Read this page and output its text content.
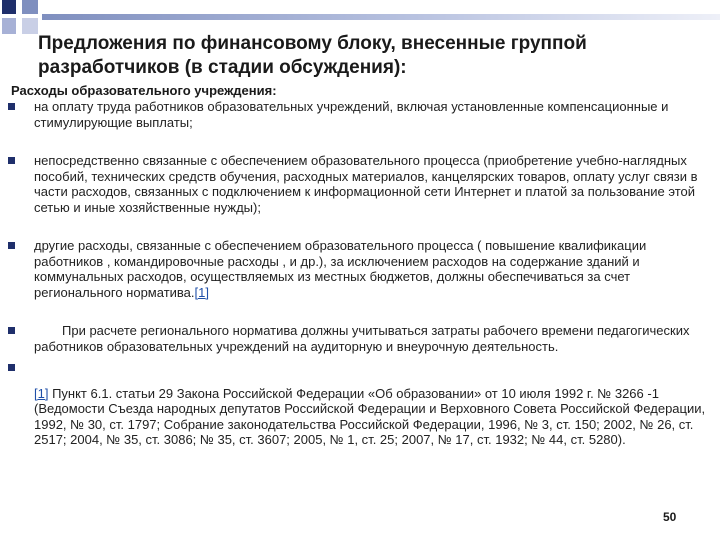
Предложения по финансовому блоку, внесенные группой разработчиков (в стадии обсуждения):
Расходы образовательного учреждения:
на оплату труда работников образовательных учреждений, включая установленные компенсационные и стимулирующие выплаты;
непосредственно связанные с обеспечением образовательного процесса (приобретение учебно-наглядных пособий, технических средств обучения, расходных материалов, канцелярских товаров, оплату услуг связи в части расходов, связанных с подключением к информационной сети Интернет и платой за пользование этой сетью и иные хозяйственные нужды);
другие расходы, связанные с обеспечением образовательного процесса ( повышение квалификации работников , командировочные расходы , и др.), за исключением расходов на содержание зданий и коммунальных расходов, осуществляемых из местных бюджетов, должны обеспечиваться за счет регионального норматива.[1]
При расчете регионального норматива должны учитываться затраты рабочего времени педагогических работников образовательных учреждений на аудиторную и внеурочную деятельность.

[1] Пункт 6.1. статьи 29 Закона Российской Федерации «Об образовании» от 10 июля 1992 г. № 3266 -1 (Ведомости Съезда народных депутатов Российской Федерации и Верховного Совета Российской Федерации, 1992, № 30, ст. 1797; Собрание законодательства Российской Федерации, 1996, № 3, ст. 150; 2002, № 26, ст. 2517; 2004, № 35, ст. 3086; № 35, ст. 3607; 2005, № 1, ст. 25; 2007, № 17, ст. 1932; № 44, ст. 5280).
50
